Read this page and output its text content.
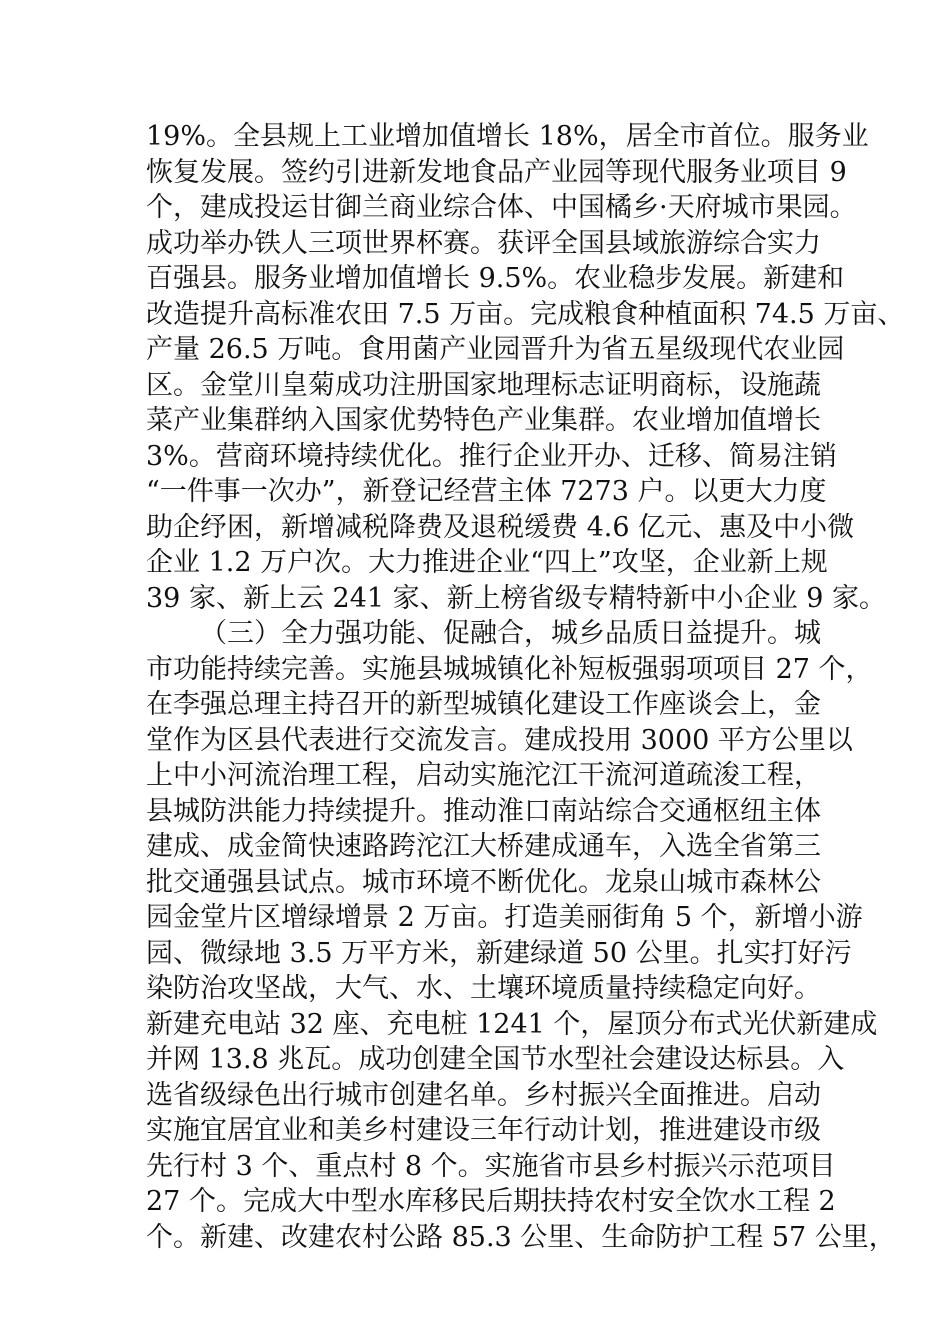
19%。全县规上工业增加值增长 18%，居全市首位。服务业
恢复发展。签约引进新发地食品产业园等现代服务业项目 9
个，建成投运甘御兰商业综合体、中国橘乡·天府城市果园。
成功举办铁人三项世界杯赛。获评全国县域旅游综合实力
百强县。服务业增加值增长 9.5%。农业稳步发展。新建和
改造提升高标准农田 7.5 万亩。完成粮食种植面积 74.5 万亩、
产量 26.5 万吨。食用菌产业园晋升为省五星级现代农业园
区。金堂川皇菊成功注册国家地理标志证明商标，设施蔬
菜产业集群纳入国家优势特色产业集群。农业增加值增长
3%。营商环境持续优化。推行企业开办、迁移、简易注销
“一件事一次办”，新登记经营主体 7273 户。以更大力度
助企纾困，新增减税降费及退税缓费 4.6 亿元、惠及中小微
企业 1.2 万户次。大力推进企业“四上”攻坚，企业新上规
39 家、新上云 241 家、新上榜省级专精特新中小企业 9 家。
（三）全力强功能、促融合，城乡品质日益提升。城
市功能持续完善。实施县城城镇化补短板强弱项项目 27 个，
在李强总理主持召开的新型城镇化建设工作座谈会上，金
堂作为区县代表进行交流发言。建成投用 3000 平方公里以
上中小河流治理工程，启动实施沱江干流河道疏浚工程，
县城防洪能力持续提升。推动淮口南站综合交通枢纽主体
建成、成金简快速路跨沱江大桥建成通车，入选全省第三
批交通强县试点。城市环境不断优化。龙泉山城市森林公
园金堂片区增绿增景 2 万亩。打造美丽街角 5 个，新增小游
园、微绿地 3.5 万平方米，新建绿道 50 公里。扎实打好污
染防治攻坚战，大气、水、土壤环境质量持续稳定向好。
新建充电站 32 座、充电桩 1241 个，屋顶分布式光伏新建成
并网 13.8 兆瓦。成功创建全国节水型社会建设达标县。入
选省级绿色出行城市创建名单。乡村振兴全面推进。启动
实施宜居宜业和美乡村建设三年行动计划，推进建设市级
先行村 3 个、重点村 8 个。实施省市县乡村振兴示范项目
27 个。完成大中型水库移民后期扶持农村安全饮水工程 2
个。新建、改建农村公路 85.3 公里、生命防护工程 57 公里，
